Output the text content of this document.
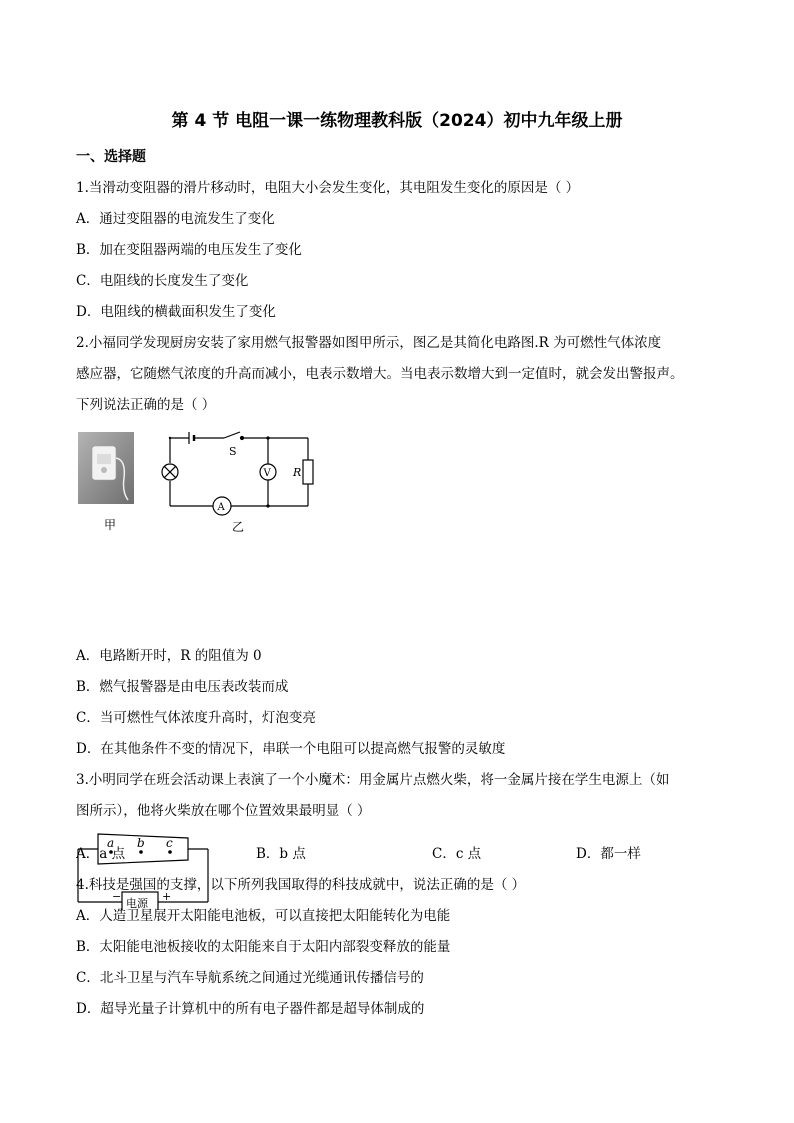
第 4 节 电阻一课一练物理教科版（2024）初中九年级上册
一、选择题
1.当滑动变阻器的滑片移动时，电阻大小会发生变化，其电阻发生变化的原因是（ ）
A．通过变阻器的电流发生了变化
B．加在变阻器两端的电压发生了变化
C．电阻线的长度发生了变化
D．电阻线的横截面积发生了变化
2.小福同学发现厨房安装了家用燃气报警器如图甲所示，图乙是其简化电路图.R 为可燃性气体浓度
感应器，它随燃气浓度的升高而减小，电表示数增大。当电表示数增大到一定值时，就会发出警报声。
下列说法正确的是（ ）
甲
S
V
A
R
乙
A．电路断开时，R 的阻值为 0
B．燃气报警器是由电压表改装而成
C．当可燃性气体浓度升高时，灯泡变亮
D．在其他条件不变的情况下，串联一个电阻可以提高燃气报警的灵敏度
3.小明同学在班会活动课上表演了一个小魔术：用金属片点燃火柴，将一金属片接在学生电源上（如
图所示），他将火柴放在哪个位置效果最明显（ ）
a b c
电源
−	+
A．a 点	B．b 点	C．c 点	D．都一样
4.科技是强国的支撑，以下所列我国取得的科技成就中，说法正确的是（ ）
A．人造卫星展开太阳能电池板，可以直接把太阳能转化为电能
B．太阳能电池板接收的太阳能来自于太阳内部裂变释放的能量
C．北斗卫星与汽车导航系统之间通过光缆通讯传播信号的
D．超导光量子计算机中的所有电子器件都是超导体制成的
